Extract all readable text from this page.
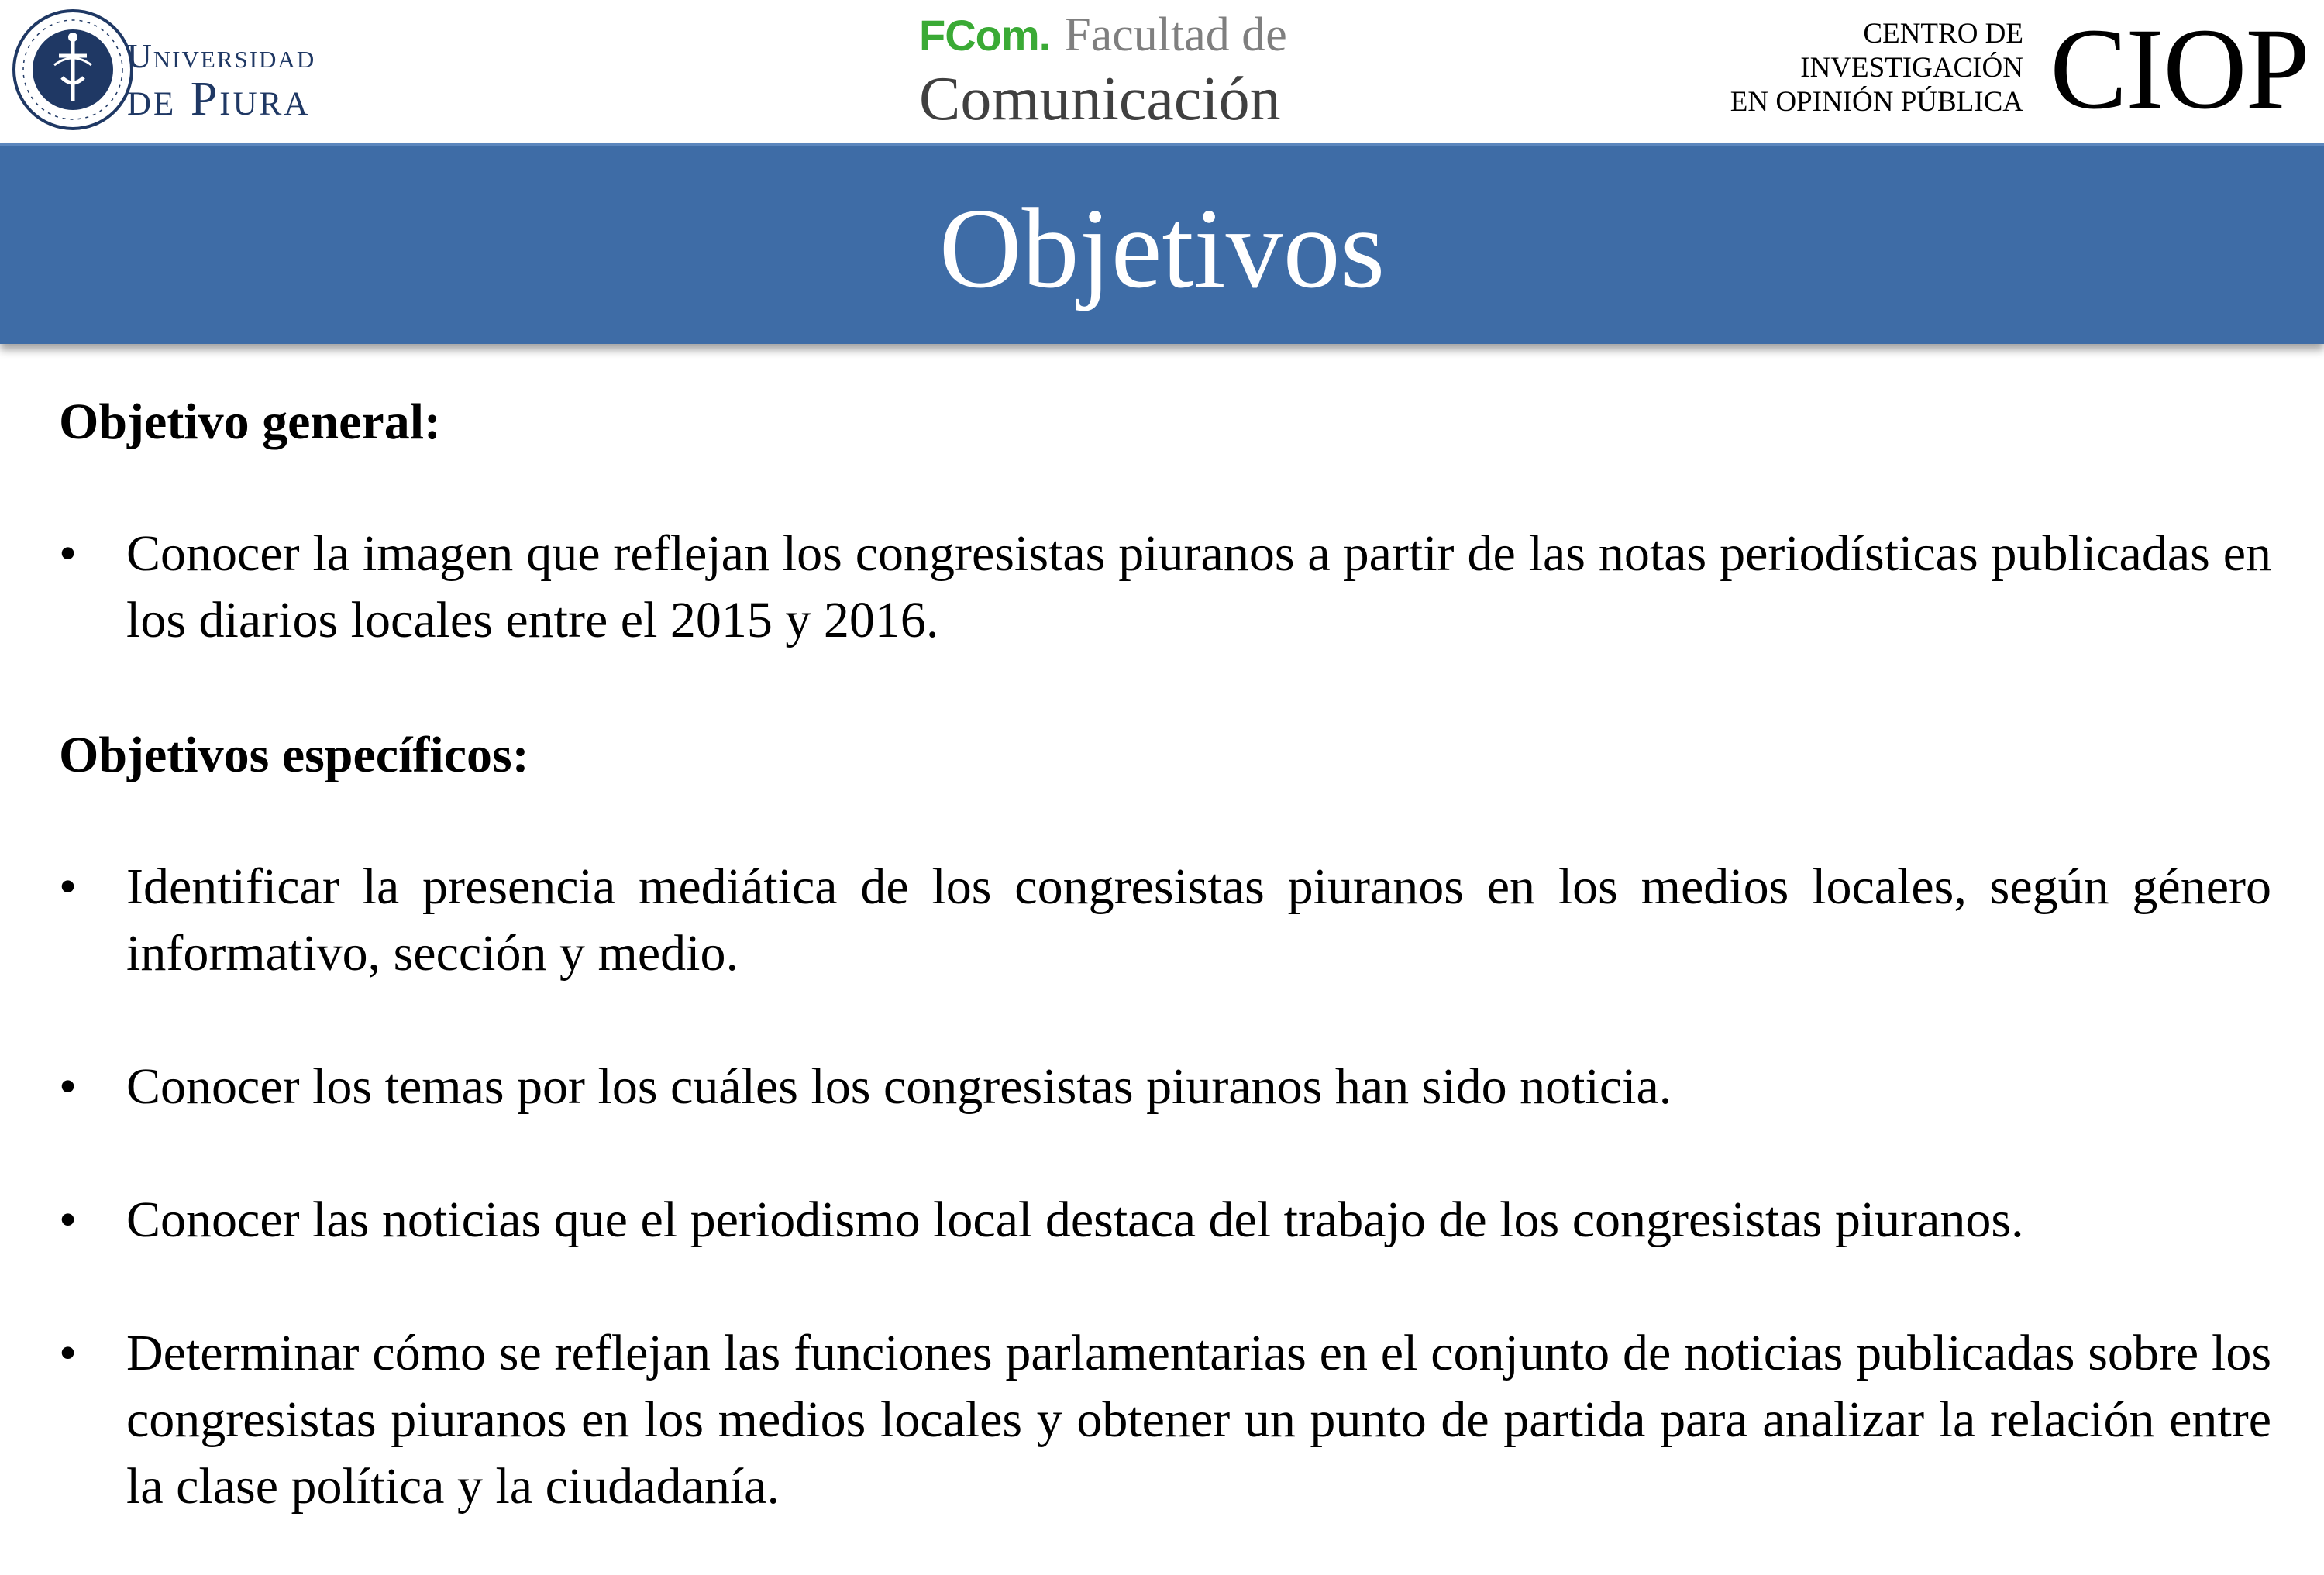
Universidad
de Piura
FCom. Facultad de
Comunicación
CENTRO DE
INVESTIGACIÓN
EN OPINIÓN PÚBLICA CIOP
Objetivos

Objetivo general:

• Conocer la imagen que reflejan los congresistas piuranos a partir de las notas periodísticas publicadas en los diarios locales entre el 2015 y 2016.

Objetivos específicos:

• Identificar la presencia mediática de los congresistas piuranos en los medios locales, según género informativo, sección y medio.

• Conocer los temas por los cuáles los congresistas piuranos han sido noticia.

• Conocer las noticias que el periodismo local destaca del trabajo de los congresistas piuranos.

• Determinar cómo se reflejan las funciones parlamentarias en el conjunto de noticias publicadas sobre los congresistas piuranos en los medios locales y obtener un punto de partida para analizar la relación entre la clase política y la ciudadanía.
